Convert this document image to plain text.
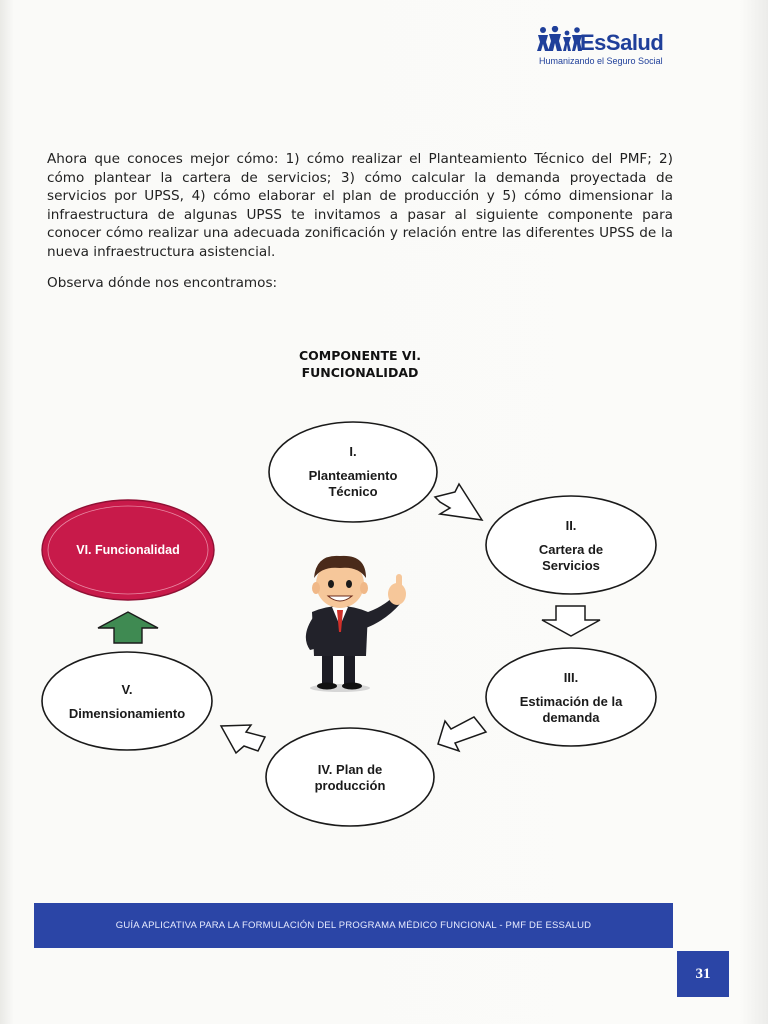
EsSalud
Humanizando el Seguro Social

Ahora que conoces mejor cómo: 1) cómo realizar el Planteamiento Técnico del PMF; 2) cómo plantear la cartera de servicios; 3) cómo calcular la demanda proyectada de servicios por UPSS, 4) cómo elaborar el plan de producción y 5) cómo dimensionar la infraestructura de algunas UPSS te invitamos a pasar al siguiente componente para conocer cómo realizar una adecuada zonificación y relación entre las diferentes UPSS de la nueva infraestructura asistencial.

Observa dónde nos encontramos:

COMPONENTE VI.
FUNCIONALIDAD
I.
Planteamiento
Técnico
II.
Cartera de
Servicios
III.
Estimación de la
demanda
IV. Plan de
producción
V.
Dimensionamiento
VI. Funcionalidad
GUÍA APLICATIVA PARA LA FORMULACIÓN DEL PROGRAMA MÉDICO FUNCIONAL - PMF DE ESSALUD
31
